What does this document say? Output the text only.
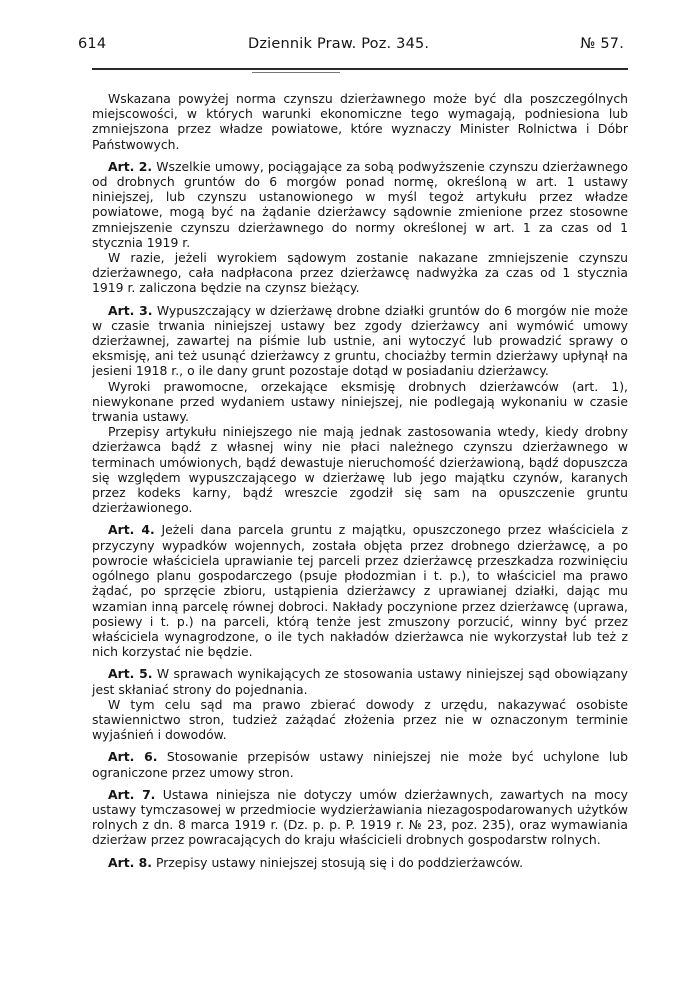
614	Dziennik Praw. Poz. 345.	№ 57.

Wskazana powyżej norma czynszu dzierżawnego może być dla poszczególnych miejscowości, w których warunki ekonomiczne tego wymagają, podniesiona lub zmniejszona przez władze powiatowe, które wyznaczy Minister Rolnictwa i Dóbr Państwowych.

Art. 2. Wszelkie umowy, pociągające za sobą podwyższenie czynszu dzierżawnego od drobnych gruntów do 6 morgów ponad normę, określoną w art. 1 ustawy niniejszej, lub czynszu ustanowionego w myśl tegoż artykułu przez władze powiatowe, mogą być na żądanie dzierżawcy sądownie zmienione przez stosowne zmniejszenie czynszu dzierżawnego do normy określonej w art. 1 za czas od 1 stycznia 1919 r.

W razie, jeżeli wyrokiem sądowym zostanie nakazane zmniejszenie czynszu dzierżawnego, cała nadpłacona przez dzierżawcę nadwyżka za czas od 1 stycznia 1919 r. zaliczona będzie na czynsz bieżący.

Art. 3. Wypuszczający w dzierżawę drobne działki gruntów do 6 morgów nie może w czasie trwania niniejszej ustawy bez zgody dzierżawcy ani wymówić umowy dzierżawnej, zawartej na piśmie lub ustnie, ani wytoczyć lub prowadzić sprawy o eksmisję, ani też usunąć dzierżawcy z gruntu, chociażby termin dzierżawy upłynął na jesieni 1918 r., o ile dany grunt pozostaje dotąd w posiadaniu dzierżawcy.

Wyroki prawomocne, orzekające eksmisję drobnych dzierżawców (art. 1), niewykonane przed wydaniem ustawy niniejszej, nie podlegają wykonaniu w czasie trwania ustawy.

Przepisy artykułu niniejszego nie mają jednak zastosowania wtedy, kiedy drobny dzierżawca bądź z własnej winy nie płaci należnego czynszu dzierżawnego w terminach umówionych, bądź dewastuje nieruchomość dzierżawioną, bądź dopuszcza się względem wypuszczającego w dzierżawę lub jego majątku czynów, karanych przez kodeks karny, bądź wreszcie zgodził się sam na opuszczenie gruntu dzierżawionego.

Art. 4. Jeżeli dana parcela gruntu z majątku, opuszczonego przez właściciela z przyczyny wypadków wojennych, została objęta przez drobnego dzierżawcę, a po powrocie właściciela uprawianie tej parceli przez dzierżawcę przeszkadza rozwinięciu ogólnego planu gospodarczego (psuje płodozmian i t. p.), to właściciel ma prawo żądać, po sprzęcie zbioru, ustąpienia dzierżawcy z uprawianej działki, dając mu wzamian inną parcelę równej dobroci. Nakłady poczynione przez dzierżawcę (uprawa, posiewy i t. p.) na parceli, którą tenże jest zmuszony porzucić, winny być przez właściciela wynagrodzone, o ile tych nakładów dzierżawca nie wykorzystał lub też z nich korzystać nie będzie.

Art. 5. W sprawach wynikających ze stosowania ustawy niniejszej sąd obowiązany jest skłaniać strony do pojednania.

W tym celu sąd ma prawo zbierać dowody z urzędu, nakazywać osobiste stawiennictwo stron, tudzież zażądać złożenia przez nie w oznaczonym terminie wyjaśnień i dowodów.

Art. 6. Stosowanie przepisów ustawy niniejszej nie może być uchylone lub ograniczone przez umowy stron.

Art. 7. Ustawa niniejsza nie dotyczy umów dzierżawnych, zawartych na mocy ustawy tymczasowej w przedmiocie wydzierżawiania niezagospodarowanych użytków rolnych z dn. 8 marca 1919 r. (Dz. p. p. P. 1919 r. № 23, poz. 235), oraz wymawiania dzierżaw przez powracających do kraju właścicieli drobnych gospodarstw rolnych.

Art. 8. Przepisy ustawy niniejszej stosują się i do poddzierżawców.
